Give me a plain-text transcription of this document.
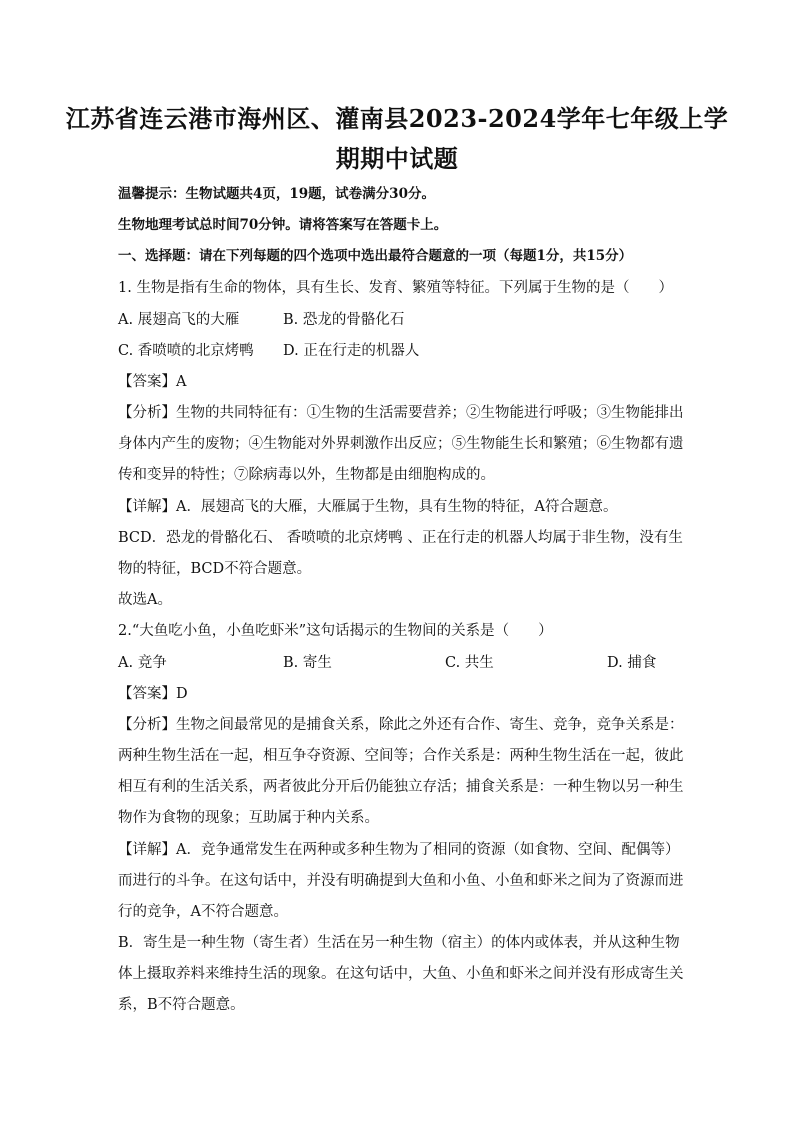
江苏省连云港市海州区、灌南县2023-2024学年七年级上学
期期中试题
温馨提示：生物试题共4页，19题，试卷满分30分。
生物地理考试总时间70分钟。请将答案写在答题卡上。
一、选择题：请在下列每题的四个选项中选出最符合题意的一项（每题1分，共15分）
1. 生物是指有生命的物体，具有生长、发育、繁殖等特征。下列属于生物的是（　　）
A. 展翅高飞的大雁	B. 恐龙的骨骼化石
C. 香喷喷的北京烤鸭 D. 正在行走的机器人
【答案】A
【分析】生物的共同特征有：①生物的生活需要营养；②生物能进行呼吸；③生物能排出
身体内产生的废物；④生物能对外界刺激作出反应；⑤生物能生长和繁殖；⑥生物都有遗
传和变异的特性；⑦除病毒以外，生物都是由细胞构成的。
【详解】A．展翅高飞的大雁，大雁属于生物，具有生物的特征，A符合题意。
BCD．恐龙的骨骼化石、 香喷喷的北京烤鸭 、正在行走的机器人均属于非生物，没有生
物的特征，BCD不符合题意。
故选A。
2.“大鱼吃小鱼，小鱼吃虾米”这句话揭示的生物间的关系是（　　）
A. 竞争	B. 寄生	C. 共生	D. 捕食
【答案】D
【分析】生物之间最常见的是捕食关系，除此之外还有合作、寄生、竞争，竞争关系是：
两种生物生活在一起，相互争夺资源、空间等；合作关系是：两种生物生活在一起，彼此
相互有利的生活关系，两者彼此分开后仍能独立存活；捕食关系是：一种生物以另一种生
物作为食物的现象；互助属于种内关系。
【详解】A．竞争通常发生在两种或多种生物为了相同的资源（如食物、空间、配偶等）
而进行的斗争。在这句话中，并没有明确提到大鱼和小鱼、小鱼和虾米之间为了资源而进
行的竞争，A不符合题意。
B．寄生是一种生物（寄生者）生活在另一种生物（宿主）的体内或体表，并从这种生物
体上摄取养料来维持生活的现象。在这句话中，大鱼、小鱼和虾米之间并没有形成寄生关
系，B不符合题意。
